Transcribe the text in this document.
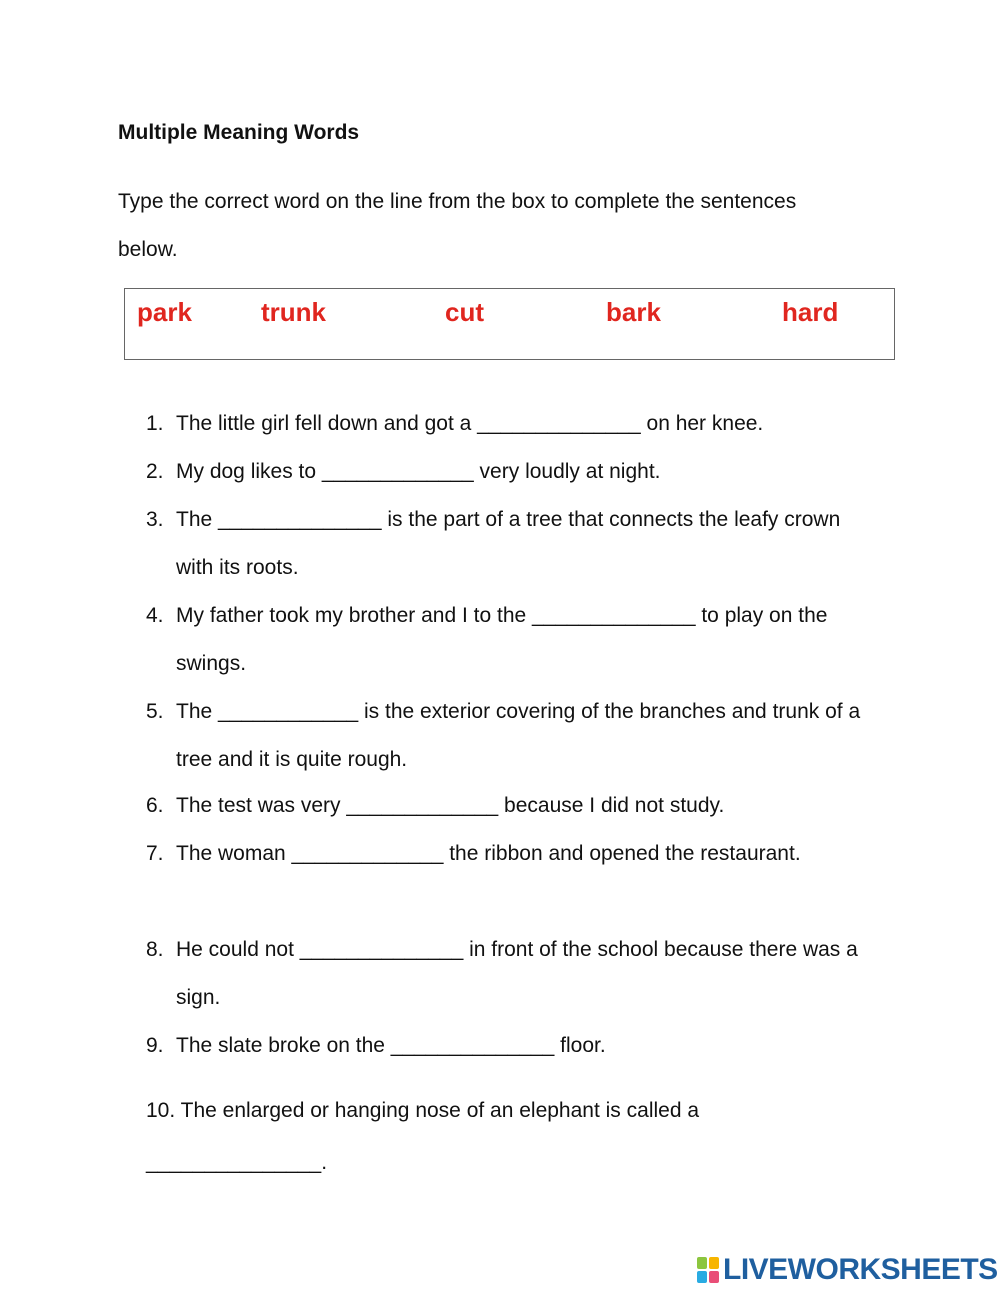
Multiple Meaning Words
Type the correct word on the line from the box to complete the sentences below.
park	trunk	cut	bark	hard
1. The little girl fell down and got a ______________ on her knee.
2. My dog likes to _____________ very loudly at night.
3. The ______________ is the part of a tree that connects the leafy crown with its roots.
4. My father took my brother and I to the ______________ to play on the swings.
5. The ____________ is the exterior covering of the branches and trunk of a tree and it is quite rough.
6. The test was very _____________ because I did not study.
7. The woman _____________ the ribbon and opened the restaurant.
8. He could not ______________ in front of the school because there was a sign.
9. The slate broke on the ______________ floor.
10. The enlarged or hanging nose of an elephant is called a _______________.
LIVEWORKSHEETS
